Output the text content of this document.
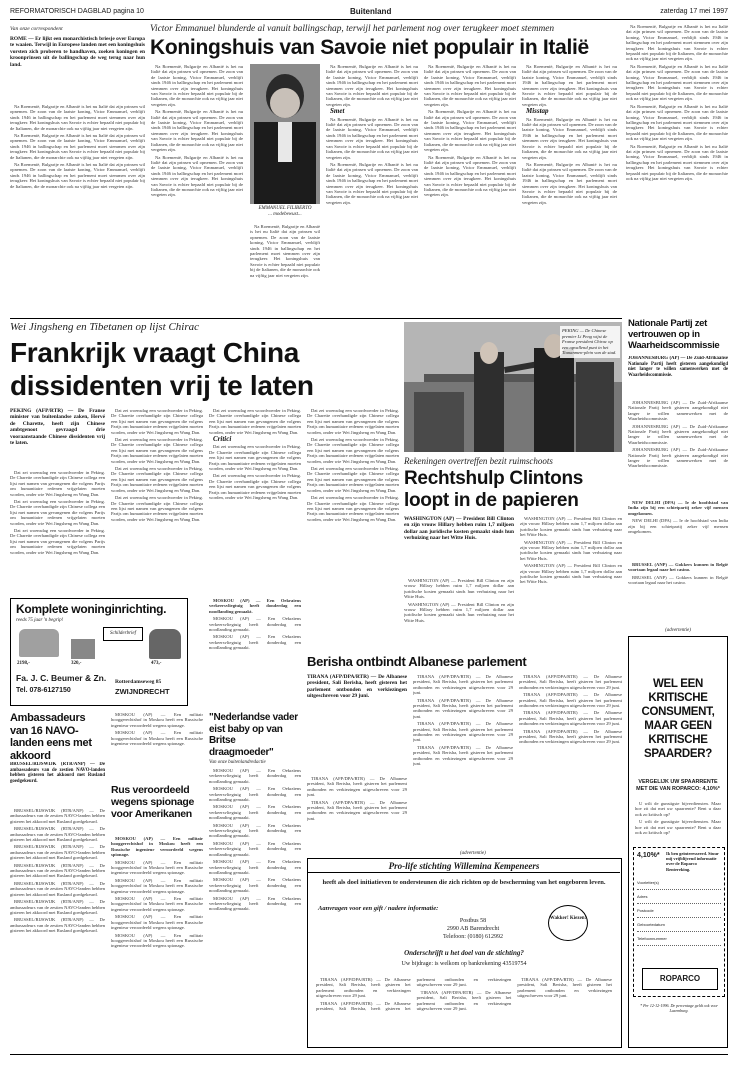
REFORMATORISCH DAGBLAD pagina 10	Buitenland	zaterdag 17 mei 1997
Van onze correspondent	Victor Emmanuel blunderde al vanuit ballingschap, terwijl het parlement nog over terugkeer moet stemmen
Koningshuis van Savoie niet populair in Italië
ROME — Er lijkt een monarchistisch briesje over Europa te waaien. Terwijl in Europese landen met een koningshuis vorsten zich proberen te handhaven, zoeken koningen en kroonprinsen uit de ballingschap de weg terug naar hun land.

Na Roemenië, Bulgarije en Albanië is het nu Italië dat zijn prinsen wil opnemen. De zoon van de laatste koning, Victor Emmanuel, verblijft sinds 1946 in ballingschap en het parlement moet stemmen over zijn terugkeer. Het koningshuis van Savoie is echter bepaald niet populair bij de Italianen, die de monarchie ook na vijftig jaar niet vergeten zijn.

Na Roemenië, Bulgarije en Albanië is het nu Italië dat zijn prinsen wil opnemen. De zoon van de laatste koning, Victor Emmanuel, verblijft sinds 1946 in ballingschap en het parlement moet stemmen over zijn terugkeer. Het koningshuis van Savoie is echter bepaald niet populair bij de Italianen, die de monarchie ook na vijftig jaar niet vergeten zijn.

Na Roemenië, Bulgarije en Albanië is het nu Italië dat zijn prinsen wil opnemen. De zoon van de laatste koning, Victor Emmanuel, verblijft sinds 1946 in ballingschap en het parlement moet stemmen over zijn terugkeer. Het koningshuis van Savoie is echter bepaald niet populair bij de Italianen, die de monarchie ook na vijftig jaar niet vergeten zijn.

Na Roemenië, Bulgarije en Albanië is het nu Italië dat zijn prinsen wil opnemen. De zoon van de laatste koning, Victor Emmanuel, verblijft sinds 1946 in ballingschap en het parlement moet stemmen over zijn terugkeer. Het koningshuis van Savoie is echter bepaald niet populair bij de Italianen, die de monarchie ook na vijftig jaar niet vergeten zijn.

Na Roemenië, Bulgarije en Albanië is het nu Italië dat zijn prinsen wil opnemen. De zoon van de laatste koning, Victor Emmanuel, verblijft sinds 1946 in ballingschap en het parlement moet stemmen over zijn terugkeer. Het koningshuis van Savoie is echter bepaald niet populair bij de Italianen, die de monarchie ook na vijftig jaar niet vergeten zijn.

Na Roemenië, Bulgarije en Albanië is het nu Italië dat zijn prinsen wil opnemen. De zoon van de laatste koning, Victor Emmanuel, verblijft sinds 1946 in ballingschap en het parlement moet stemmen over zijn terugkeer. Het koningshuis van Savoie is echter bepaald niet populair bij de Italianen, die de monarchie ook na vijftig jaar niet vergeten zijn.

EMMANUEL FILIBERTO
... modebewust...

Na Roemenië, Bulgarije en Albanië is het nu Italië dat zijn prinsen wil opnemen. De zoon van de laatste koning, Victor Emmanuel, verblijft sinds 1946 in ballingschap en het parlement moet stemmen over zijn terugkeer. Het koningshuis van Savoie is echter bepaald niet populair bij de Italianen, die de monarchie ook na vijftig jaar niet vergeten zijn.

Na Roemenië, Bulgarije en Albanië is het nu Italië dat zijn prinsen wil opnemen. De zoon van de laatste koning, Victor Emmanuel, verblijft sinds 1946 in ballingschap en het parlement moet stemmen over zijn terugkeer. Het koningshuis van Savoie is echter bepaald niet populair bij de Italianen, die de monarchie ook na vijftig jaar niet vergeten zijn.

Smet

Na Roemenië, Bulgarije en Albanië is het nu Italië dat zijn prinsen wil opnemen. De zoon van de laatste koning, Victor Emmanuel, verblijft sinds 1946 in ballingschap en het parlement moet stemmen over zijn terugkeer. Het koningshuis van Savoie is echter bepaald niet populair bij de Italianen, die de monarchie ook na vijftig jaar niet vergeten zijn.

Na Roemenië, Bulgarije en Albanië is het nu Italië dat zijn prinsen wil opnemen. De zoon van de laatste koning, Victor Emmanuel, verblijft sinds 1946 in ballingschap en het parlement moet stemmen over zijn terugkeer. Het koningshuis van Savoie is echter bepaald niet populair bij de Italianen, die de monarchie ook na vijftig jaar niet vergeten zijn.

Na Roemenië, Bulgarije en Albanië is het nu Italië dat zijn prinsen wil opnemen. De zoon van de laatste koning, Victor Emmanuel, verblijft sinds 1946 in ballingschap en het parlement moet stemmen over zijn terugkeer. Het koningshuis van Savoie is echter bepaald niet populair bij de Italianen, die de monarchie ook na vijftig jaar niet vergeten zijn.

Na Roemenië, Bulgarije en Albanië is het nu Italië dat zijn prinsen wil opnemen. De zoon van de laatste koning, Victor Emmanuel, verblijft sinds 1946 in ballingschap en het parlement moet stemmen over zijn terugkeer. Het koningshuis van Savoie is echter bepaald niet populair bij de Italianen, die de monarchie ook na vijftig jaar niet vergeten zijn.

Na Roemenië, Bulgarije en Albanië is het nu Italië dat zijn prinsen wil opnemen. De zoon van de laatste koning, Victor Emmanuel, verblijft sinds 1946 in ballingschap en het parlement moet stemmen over zijn terugkeer. Het koningshuis van Savoie is echter bepaald niet populair bij de Italianen, die de monarchie ook na vijftig jaar niet vergeten zijn.

Na Roemenië, Bulgarije en Albanië is het nu Italië dat zijn prinsen wil opnemen. De zoon van de laatste koning, Victor Emmanuel, verblijft sinds 1946 in ballingschap en het parlement moet stemmen over zijn terugkeer. Het koningshuis van Savoie is echter bepaald niet populair bij de Italianen, die de monarchie ook na vijftig jaar niet vergeten zijn.

Misstap

Na Roemenië, Bulgarije en Albanië is het nu Italië dat zijn prinsen wil opnemen. De zoon van de laatste koning, Victor Emmanuel, verblijft sinds 1946 in ballingschap en het parlement moet stemmen over zijn terugkeer. Het koningshuis van Savoie is echter bepaald niet populair bij de Italianen, die de monarchie ook na vijftig jaar niet vergeten zijn.

Na Roemenië, Bulgarije en Albanië is het nu Italië dat zijn prinsen wil opnemen. De zoon van de laatste koning, Victor Emmanuel, verblijft sinds 1946 in ballingschap en het parlement moet stemmen over zijn terugkeer. Het koningshuis van Savoie is echter bepaald niet populair bij de Italianen, die de monarchie ook na vijftig jaar niet vergeten zijn.

Na Roemenië, Bulgarije en Albanië is het nu Italië dat zijn prinsen wil opnemen. De zoon van de laatste koning, Victor Emmanuel, verblijft sinds 1946 in ballingschap en het parlement moet stemmen over zijn terugkeer. Het koningshuis van Savoie is echter bepaald niet populair bij de Italianen, die de monarchie ook na vijftig jaar niet vergeten zijn.

Na Roemenië, Bulgarije en Albanië is het nu Italië dat zijn prinsen wil opnemen. De zoon van de laatste koning, Victor Emmanuel, verblijft sinds 1946 in ballingschap en het parlement moet stemmen over zijn terugkeer. Het koningshuis van Savoie is echter bepaald niet populair bij de Italianen, die de monarchie ook na vijftig jaar niet vergeten zijn.

Na Roemenië, Bulgarije en Albanië is het nu Italië dat zijn prinsen wil opnemen. De zoon van de laatste koning, Victor Emmanuel, verblijft sinds 1946 in ballingschap en het parlement moet stemmen over zijn terugkeer. Het koningshuis van Savoie is echter bepaald niet populair bij de Italianen, die de monarchie ook na vijftig jaar niet vergeten zijn.

Na Roemenië, Bulgarije en Albanië is het nu Italië dat zijn prinsen wil opnemen. De zoon van de laatste koning, Victor Emmanuel, verblijft sinds 1946 in ballingschap en het parlement moet stemmen over zijn terugkeer. Het koningshuis van Savoie is echter bepaald niet populair bij de Italianen, die de monarchie ook na vijftig jaar niet vergeten zijn.

Wei Jingsheng en Tibetanen op lijst Chirac
Frankrijk vraagt China dissidenten vrij te laten
PEKING (AFP/RTR) — De Franse minister van buitenlandse zaken, Hervé de Charette, heeft zijn Chinese ambtgenoot gevraagd drie vooraanstaande Chinese dissidenten vrij te laten.

Dat zei woensdag een woordvoerder in Peking. De Charette overhandigde zijn Chinese collega een lijst met namen van gevangenen die volgens Parijs om humanitaire redenen vrijgelaten moeten worden, onder wie Wei Jingsheng en Wang Dan.

Dat zei woensdag een woordvoerder in Peking. De Charette overhandigde zijn Chinese collega een lijst met namen van gevangenen die volgens Parijs om humanitaire redenen vrijgelaten moeten worden, onder wie Wei Jingsheng en Wang Dan.

Dat zei woensdag een woordvoerder in Peking. De Charette overhandigde zijn Chinese collega een lijst met namen van gevangenen die volgens Parijs om humanitaire redenen vrijgelaten moeten worden, onder wie Wei Jingsheng en Wang Dan.

Dat zei woensdag een woordvoerder in Peking. De Charette overhandigde zijn Chinese collega een lijst met namen van gevangenen die volgens Parijs om humanitaire redenen vrijgelaten moeten worden, onder wie Wei Jingsheng en Wang Dan.

Dat zei woensdag een woordvoerder in Peking. De Charette overhandigde zijn Chinese collega een lijst met namen van gevangenen die volgens Parijs om humanitaire redenen vrijgelaten moeten worden, onder wie Wei Jingsheng en Wang Dan.

Dat zei woensdag een woordvoerder in Peking. De Charette overhandigde zijn Chinese collega een lijst met namen van gevangenen die volgens Parijs om humanitaire redenen vrijgelaten moeten worden, onder wie Wei Jingsheng en Wang Dan.

Dat zei woensdag een woordvoerder in Peking. De Charette overhandigde zijn Chinese collega een lijst met namen van gevangenen die volgens Parijs om humanitaire redenen vrijgelaten moeten worden, onder wie Wei Jingsheng en Wang Dan.

Dat zei woensdag een woordvoerder in Peking. De Charette overhandigde zijn Chinese collega een lijst met namen van gevangenen die volgens Parijs om humanitaire redenen vrijgelaten moeten worden, onder wie Wei Jingsheng en Wang Dan.

Critici

Dat zei woensdag een woordvoerder in Peking. De Charette overhandigde zijn Chinese collega een lijst met namen van gevangenen die volgens Parijs om humanitaire redenen vrijgelaten moeten worden, onder wie Wei Jingsheng en Wang Dan.

Dat zei woensdag een woordvoerder in Peking. De Charette overhandigde zijn Chinese collega een lijst met namen van gevangenen die volgens Parijs om humanitaire redenen vrijgelaten moeten worden, onder wie Wei Jingsheng en Wang Dan.

Dat zei woensdag een woordvoerder in Peking. De Charette overhandigde zijn Chinese collega een lijst met namen van gevangenen die volgens Parijs om humanitaire redenen vrijgelaten moeten worden, onder wie Wei Jingsheng en Wang Dan.

Dat zei woensdag een woordvoerder in Peking. De Charette overhandigde zijn Chinese collega een lijst met namen van gevangenen die volgens Parijs om humanitaire redenen vrijgelaten moeten worden, onder wie Wei Jingsheng en Wang Dan.

Dat zei woensdag een woordvoerder in Peking. De Charette overhandigde zijn Chinese collega een lijst met namen van gevangenen die volgens Parijs om humanitaire redenen vrijgelaten moeten worden, onder wie Wei Jingsheng en Wang Dan.

Dat zei woensdag een woordvoerder in Peking. De Charette overhandigde zijn Chinese collega een lijst met namen van gevangenen die volgens Parijs om humanitaire redenen vrijgelaten moeten worden, onder wie Wei Jingsheng en Wang Dan.

PEKING — De Chinese premier Li Peng wijst de Franse president Chirac op een opvallend punt in het Tiananmen-plein van de stad.
Rekeningen overtreffen bezit ruimschoots
Rechtshulp Clintons loopt in de papieren
WASHINGTON (AP) — President Bill Clinton en zijn vrouw Hillary hebben ruim 1,7 miljoen dollar aan juridische kosten gemaakt sinds hun verhuizing naar het Witte Huis.

WASHINGTON (AP) — President Bill Clinton en zijn vrouw Hillary hebben ruim 1,7 miljoen dollar aan juridische kosten gemaakt sinds hun verhuizing naar het Witte Huis.

WASHINGTON (AP) — President Bill Clinton en zijn vrouw Hillary hebben ruim 1,7 miljoen dollar aan juridische kosten gemaakt sinds hun verhuizing naar het Witte Huis.

WASHINGTON (AP) — President Bill Clinton en zijn vrouw Hillary hebben ruim 1,7 miljoen dollar aan juridische kosten gemaakt sinds hun verhuizing naar het Witte Huis.

WASHINGTON (AP) — President Bill Clinton en zijn vrouw Hillary hebben ruim 1,7 miljoen dollar aan juridische kosten gemaakt sinds hun verhuizing naar het Witte Huis.

WASHINGTON (AP) — President Bill Clinton en zijn vrouw Hillary hebben ruim 1,7 miljoen dollar aan juridische kosten gemaakt sinds hun verhuizing naar het Witte Huis.

Nationale Partij zet vertrouwen op in Waarheidscommissie
JOHANNESBURG (AP) — De Zuid-Afrikaanse Nationale Partij heeft gisteren aangekondigd niet langer te willen samenwerken met de Waarheidscommissie.

JOHANNESBURG (AP) — De Zuid-Afrikaanse Nationale Partij heeft gisteren aangekondigd niet langer te willen samenwerken met de Waarheidscommissie.

JOHANNESBURG (AP) — De Zuid-Afrikaanse Nationale Partij heeft gisteren aangekondigd niet langer te willen samenwerken met de Waarheidscommissie.

JOHANNESBURG (AP) — De Zuid-Afrikaanse Nationale Partij heeft gisteren aangekondigd niet langer te willen samenwerken met de Waarheidscommissie.

NEW DELHI (DPA) — Ie de hoofdstad van India zijn bij een schietpartij zeker vijf mensen omgekomen.

NEW DELHI (DPA) — Ie de hoofdstad van India zijn bij een schietpartij zeker vijf mensen omgekomen.

BRUSSEL (ANP) — Gokkers kunnen in België voortaan legaal naar het casino.

BRUSSEL (ANP) — Gokkers kunnen in België voortaan legaal naar het casino.

(advertentie)
WEL EEN KRITISCHE CONSUMENT, MAAR GEEN KRITISCHE SPAARDER?
VERGELIJK UW SPAARRENTE MET DIE VAN ROPARCO: 4,10%*

U wilt de gunstigste bijverdiensten. Maar hoe zit dat met uw spaarrente? Bent u daar ook zo kritisch op?

U wilt de gunstigste bijverdiensten. Maar hoe zit dat met uw spaarrente? Bent u daar ook zo kritisch op?

4,10%* Ik ben geïnteresseerd. Stuur mij vrijblijvend informatie over de Roparco Rentereking.
Voorletter(s)
Adres
Postcode
Geboortedatum
Telefoonnummer
ROPARCO
* Per 12-12-1996. De percentage geldt ook voor Luxemburg.
Komplete woninginrichting.
reeds 75 jaar 'n begrip!
2198,-	320,-
Schilderbrief
473,-
Fa. J. C. Beumer & Zn.
Tel. 078-6127150
Rotterdamseweg 85
ZWIJNDRECHT
Ambassadeurs van 16 NAVO-landen eens met akkoord
BRUSSEL/RIJSWIJK (RTR/ANP) — De ambassadeurs van de zestien NAVO-landen hebben gisteren het akkoord met Rusland goedgekeurd.

BRUSSEL/RIJSWIJK (RTR/ANP) — De ambassadeurs van de zestien NAVO-landen hebben gisteren het akkoord met Rusland goedgekeurd.

BRUSSEL/RIJSWIJK (RTR/ANP) — De ambassadeurs van de zestien NAVO-landen hebben gisteren het akkoord met Rusland goedgekeurd.

BRUSSEL/RIJSWIJK (RTR/ANP) — De ambassadeurs van de zestien NAVO-landen hebben gisteren het akkoord met Rusland goedgekeurd.

BRUSSEL/RIJSWIJK (RTR/ANP) — De ambassadeurs van de zestien NAVO-landen hebben gisteren het akkoord met Rusland goedgekeurd.

BRUSSEL/RIJSWIJK (RTR/ANP) — De ambassadeurs van de zestien NAVO-landen hebben gisteren het akkoord met Rusland goedgekeurd.

BRUSSEL/RIJSWIJK (RTR/ANP) — De ambassadeurs van de zestien NAVO-landen hebben gisteren het akkoord met Rusland goedgekeurd.

BRUSSEL/RIJSWIJK (RTR/ANP) — De ambassadeurs van de zestien NAVO-landen hebben gisteren het akkoord met Rusland goedgekeurd.

MOSKOU (AP) — Een militair hooggerechtshof in Moskou heeft een Russische ingenieur veroordeeld wegens spionage.

MOSKOU (AP) — Een militair hooggerechtshof in Moskou heeft een Russische ingenieur veroordeeld wegens spionage.

Rus veroordeeld wegens spionage voor Amerikanen

MOSKOU (AP) — Een militair hooggerechtshof in Moskou heeft een Russische ingenieur veroordeeld wegens spionage.

MOSKOU (AP) — Een militair hooggerechtshof in Moskou heeft een Russische ingenieur veroordeeld wegens spionage.

MOSKOU (AP) — Een militair hooggerechtshof in Moskou heeft een Russische ingenieur veroordeeld wegens spionage.

MOSKOU (AP) — Een militair hooggerechtshof in Moskou heeft een Russische ingenieur veroordeeld wegens spionage.

MOSKOU (AP) — Een militair hooggerechtshof in Moskou heeft een Russische ingenieur veroordeeld wegens spionage.

MOSKOU (AP) — Een militair hooggerechtshof in Moskou heeft een Russische ingenieur veroordeeld wegens spionage.

MOSKOU (AP) — Een Oekraïens verkeersvliegtuig heeft donderdag een noodlanding gemaakt.

MOSKOU (AP) — Een Oekraïens verkeersvliegtuig heeft donderdag een noodlanding gemaakt.

MOSKOU (AP) — Een Oekraïens verkeersvliegtuig heeft donderdag een noodlanding gemaakt.

"Nederlandse vader eist baby op van Britse draagmoeder"
Van onze buitenlandredactie

MOSKOU (AP) — Een Oekraïens verkeersvliegtuig heeft donderdag een noodlanding gemaakt.

MOSKOU (AP) — Een Oekraïens verkeersvliegtuig heeft donderdag een noodlanding gemaakt.

MOSKOU (AP) — Een Oekraïens verkeersvliegtuig heeft donderdag een noodlanding gemaakt.

MOSKOU (AP) — Een Oekraïens verkeersvliegtuig heeft donderdag een noodlanding gemaakt.

MOSKOU (AP) — Een Oekraïens verkeersvliegtuig heeft donderdag een noodlanding gemaakt.

MOSKOU (AP) — Een Oekraïens verkeersvliegtuig heeft donderdag een noodlanding gemaakt.

MOSKOU (AP) — Een Oekraïens verkeersvliegtuig heeft donderdag een noodlanding gemaakt.

MOSKOU (AP) — Een Oekraïens verkeersvliegtuig heeft donderdag een noodlanding gemaakt.

Berisha ontbindt Albanese parlement
TIRANA (AFP/DPA/RTR) — De Albanese president, Sali Berisha, heeft gisteren het parlement ontbonden en verkiezingen uitgeschreven voor 29 juni.

TIRANA (AFP/DPA/RTR) — De Albanese president, Sali Berisha, heeft gisteren het parlement ontbonden en verkiezingen uitgeschreven voor 29 juni.

TIRANA (AFP/DPA/RTR) — De Albanese president, Sali Berisha, heeft gisteren het parlement ontbonden en verkiezingen uitgeschreven voor 29 juni.

TIRANA (AFP/DPA/RTR) — De Albanese president, Sali Berisha, heeft gisteren het parlement ontbonden en verkiezingen uitgeschreven voor 29 juni.

TIRANA (AFP/DPA/RTR) — De Albanese president, Sali Berisha, heeft gisteren het parlement ontbonden en verkiezingen uitgeschreven voor 29 juni.

TIRANA (AFP/DPA/RTR) — De Albanese president, Sali Berisha, heeft gisteren het parlement ontbonden en verkiezingen uitgeschreven voor 29 juni.

TIRANA (AFP/DPA/RTR) — De Albanese president, Sali Berisha, heeft gisteren het parlement ontbonden en verkiezingen uitgeschreven voor 29 juni.

TIRANA (AFP/DPA/RTR) — De Albanese president, Sali Berisha, heeft gisteren het parlement ontbonden en verkiezingen uitgeschreven voor 29 juni.

TIRANA (AFP/DPA/RTR) — De Albanese president, Sali Berisha, heeft gisteren het parlement ontbonden en verkiezingen uitgeschreven voor 29 juni.

TIRANA (AFP/DPA/RTR) — De Albanese president, Sali Berisha, heeft gisteren het parlement ontbonden en verkiezingen uitgeschreven voor 29 juni.

TIRANA (AFP/DPA/RTR) — De Albanese president, Sali Berisha, heeft gisteren het parlement ontbonden en verkiezingen uitgeschreven voor 29 juni.

(advertentie)
Pro-life stichting Willemina Kempeneers
heeft als doel initiatieven te ondersteunen die zich richten op de bescherming van het ongeboren leven.
Aanvragen voor een gift / nadere informatie:
Postbus 58
2990 AB Barendrecht
Telefoon: (0180) 612992
Wakker! Kiezen!
Onderschrijft u het doel van de stichting?
Uw bijdrage: is welkom op bankrekening 43519754

TIRANA (AFP/DPA/RTR) — De Albanese president, Sali Berisha, heeft gisteren het parlement ontbonden en verkiezingen uitgeschreven voor 29 juni.

TIRANA (AFP/DPA/RTR) — De Albanese president, Sali Berisha, heeft gisteren het parlement ontbonden en verkiezingen uitgeschreven voor 29 juni.

TIRANA (AFP/DPA/RTR) — De Albanese president, Sali Berisha, heeft gisteren het parlement ontbonden en verkiezingen uitgeschreven voor 29 juni.

TIRANA (AFP/DPA/RTR) — De Albanese president, Sali Berisha, heeft gisteren het parlement ontbonden en verkiezingen uitgeschreven voor 29 juni.
